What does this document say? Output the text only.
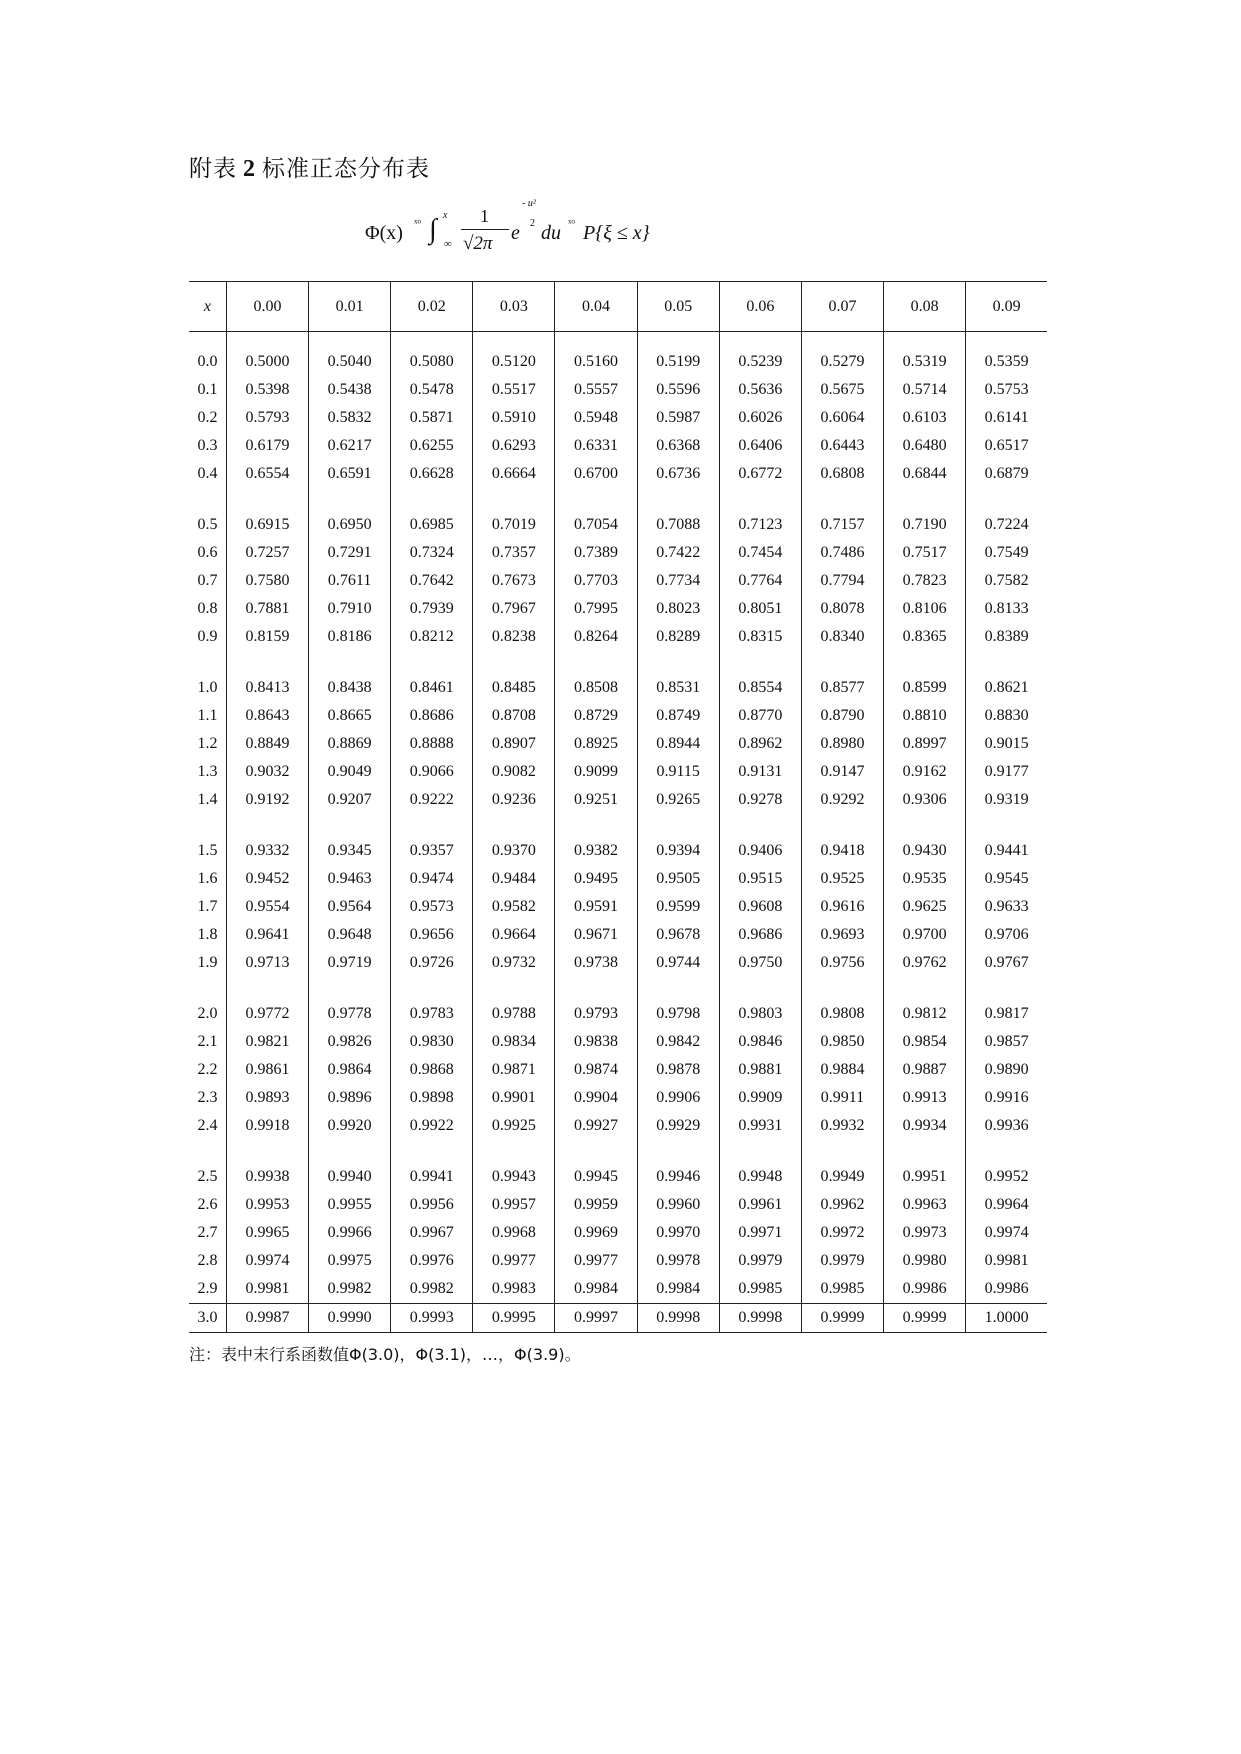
附表 2 标准正态分布表
Φ(x) ˣᵒ ∫ x
∞
1
√2π e
- u²
2 du ˣᵒ P{ξ ≤ x}
x	0.00	0.01	0.02	0.03	0.04	0.05	0.06	0.07	0.08	0.09
0.0	0.5000	0.5040	0.5080	0.5120	0.5160	0.5199	0.5239	0.5279	0.5319	0.5359
0.1	0.5398	0.5438	0.5478	0.5517	0.5557	0.5596	0.5636	0.5675	0.5714	0.5753
0.2	0.5793	0.5832	0.5871	0.5910	0.5948	0.5987	0.6026	0.6064	0.6103	0.6141
0.3	0.6179	0.6217	0.6255	0.6293	0.6331	0.6368	0.6406	0.6443	0.6480	0.6517
0.4	0.6554	0.6591	0.6628	0.6664	0.6700	0.6736	0.6772	0.6808	0.6844	0.6879
0.5	0.6915	0.6950	0.6985	0.7019	0.7054	0.7088	0.7123	0.7157	0.7190	0.7224
0.6	0.7257	0.7291	0.7324	0.7357	0.7389	0.7422	0.7454	0.7486	0.7517	0.7549
0.7	0.7580	0.7611	0.7642	0.7673	0.7703	0.7734	0.7764	0.7794	0.7823	0.7582
0.8	0.7881	0.7910	0.7939	0.7967	0.7995	0.8023	0.8051	0.8078	0.8106	0.8133
0.9	0.8159	0.8186	0.8212	0.8238	0.8264	0.8289	0.8315	0.8340	0.8365	0.8389
1.0	0.8413	0.8438	0.8461	0.8485	0.8508	0.8531	0.8554	0.8577	0.8599	0.8621
1.1	0.8643	0.8665	0.8686	0.8708	0.8729	0.8749	0.8770	0.8790	0.8810	0.8830
1.2	0.8849	0.8869	0.8888	0.8907	0.8925	0.8944	0.8962	0.8980	0.8997	0.9015
1.3	0.9032	0.9049	0.9066	0.9082	0.9099	0.9115	0.9131	0.9147	0.9162	0.9177
1.4	0.9192	0.9207	0.9222	0.9236	0.9251	0.9265	0.9278	0.9292	0.9306	0.9319
1.5	0.9332	0.9345	0.9357	0.9370	0.9382	0.9394	0.9406	0.9418	0.9430	0.9441
1.6	0.9452	0.9463	0.9474	0.9484	0.9495	0.9505	0.9515	0.9525	0.9535	0.9545
1.7	0.9554	0.9564	0.9573	0.9582	0.9591	0.9599	0.9608	0.9616	0.9625	0.9633
1.8	0.9641	0.9648	0.9656	0.9664	0.9671	0.9678	0.9686	0.9693	0.9700	0.9706
1.9	0.9713	0.9719	0.9726	0.9732	0.9738	0.9744	0.9750	0.9756	0.9762	0.9767
2.0	0.9772	0.9778	0.9783	0.9788	0.9793	0.9798	0.9803	0.9808	0.9812	0.9817
2.1	0.9821	0.9826	0.9830	0.9834	0.9838	0.9842	0.9846	0.9850	0.9854	0.9857
2.2	0.9861	0.9864	0.9868	0.9871	0.9874	0.9878	0.9881	0.9884	0.9887	0.9890
2.3	0.9893	0.9896	0.9898	0.9901	0.9904	0.9906	0.9909	0.9911	0.9913	0.9916
2.4	0.9918	0.9920	0.9922	0.9925	0.9927	0.9929	0.9931	0.9932	0.9934	0.9936
2.5	0.9938	0.9940	0.9941	0.9943	0.9945	0.9946	0.9948	0.9949	0.9951	0.9952
2.6	0.9953	0.9955	0.9956	0.9957	0.9959	0.9960	0.9961	0.9962	0.9963	0.9964
2.7	0.9965	0.9966	0.9967	0.9968	0.9969	0.9970	0.9971	0.9972	0.9973	0.9974
2.8	0.9974	0.9975	0.9976	0.9977	0.9977	0.9978	0.9979	0.9979	0.9980	0.9981
2.9	0.9981	0.9982	0.9982	0.9983	0.9984	0.9984	0.9985	0.9985	0.9986	0.9986
3.0	0.9987	0.9990	0.9993	0.9995	0.9997	0.9998	0.9998	0.9999	0.9999	1.0000
注：表中末行系函数值Φ(3.0)，Φ(3.1)，…，Φ(3.9)。
